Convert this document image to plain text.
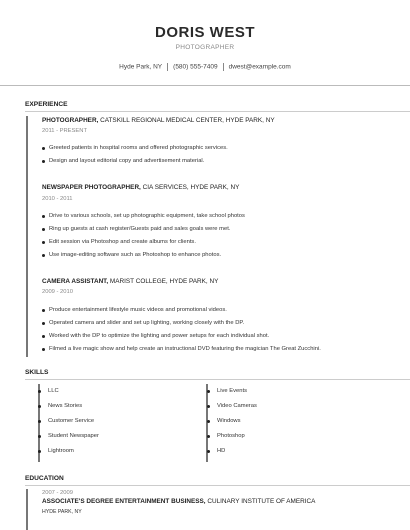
DORIS WEST
PHOTOGRAPHER
Hyde Park, NY (580) 555-7409 dwest@example.com
EXPERIENCE
PHOTOGRAPHER, CATSKILL REGIONAL MEDICAL CENTER, HYDE PARK, NY
2011 - PRESENT
Greeted patients in hospital rooms and offered photographic services.
Design and layout editorial copy and advertisement material.
NEWSPAPER PHOTOGRAPHER, CIA SERVICES, HYDE PARK, NY
2010 - 2011
Drive to various schools, set up photographic equipment, take school photos
Ring up guests at cash register/Guests paid and sales goals were met.
Edit session via Photoshop and create albums for clients.
Use image-editing software such as Photoshop to enhance photos.
CAMERA ASSISTANT, MARIST COLLEGE, HYDE PARK, NY
2009 - 2010
Produce entertainment lifestyle music videos and promotional videos.
Operated camera and slider and set up lighting, working closely with the DP.
Worked with the DP to optimize the lighting and power setups for each individual shot.
Filmed a live magic show and help create an instructional DVD featuring the magician The Great Zucchini.
SKILLS
LLC
News Stories
Customer Service
Student Newspaper
Lightroom
Live Events
Video Cameras
Windows
Photoshop
HD
EDUCATION
2007 - 2009
ASSOCIATE'S DEGREE ENTERTAINMENT BUSINESS, CULINARY INSTITUTE OF AMERICA
HYDE PARK, NY
